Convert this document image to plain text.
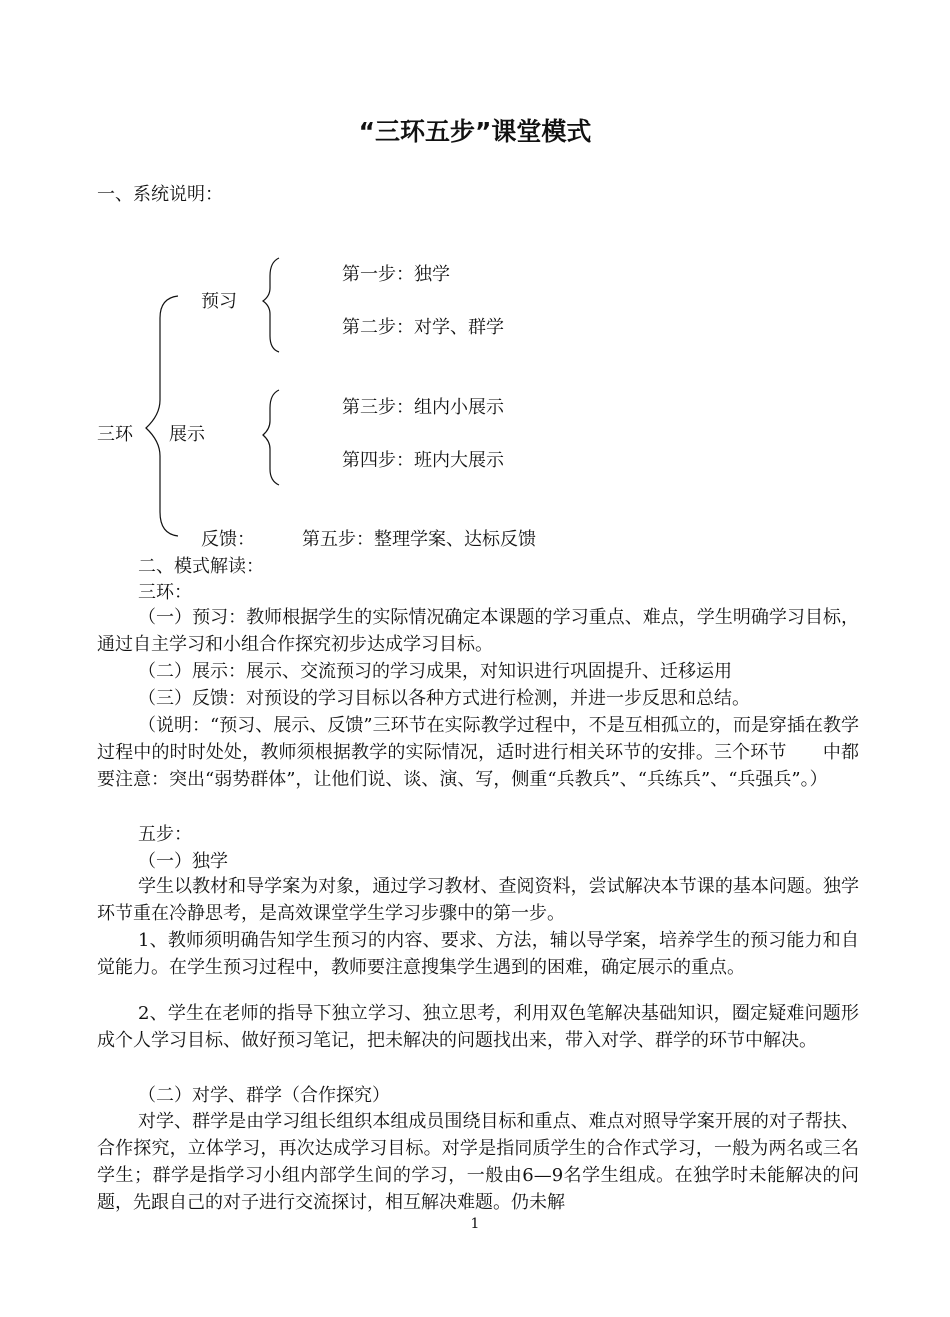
“三环五步”课堂模式
一、系统说明：
预习
三环 展示
反馈：
第一步：独学
第二步：对学、群学
第三步：组内小展示
第四步：班内大展示
第五步：整理学案、达标反馈
二、模式解读：
三环：
（一）预习：教师根据学生的实际情况确定本课题的学习重点、难点，学生明确学习目标，通过自主学习和小组合作探究初步达成学习目标。
（二）展示：展示、交流预习的学习成果，对知识进行巩固提升、迁移运用
（三）反馈：对预设的学习目标以各种方式进行检测，并进一步反思和总结。
（说明：“预习、展示、反馈”三环节在实际教学过程中，不是互相孤立的，而是穿插在教学过程中的时时处处，教师须根据教学的实际情况，适时进行相关环节的安排。三个环节　　中都要注意：突出“弱势群体”，让他们说、谈、演、写，侧重“兵教兵”、“兵练兵”、“兵强兵”。）
五步：
（一）独学
学生以教材和导学案为对象，通过学习教材、查阅资料，尝试解决本节课的基本问题。独学环节重在冷静思考，是高效课堂学生学习步骤中的第一步。
1、教师须明确告知学生预习的内容、要求、方法，辅以导学案，培养学生的预习能力和自觉能力。在学生预习过程中，教师要注意搜集学生遇到的困难，确定展示的重点。
2、学生在老师的指导下独立学习、独立思考，利用双色笔解决基础知识，圈定疑难问题形成个人学习目标、做好预习笔记，把未解决的问题找出来，带入对学、群学的环节中解决。
（二）对学、群学（合作探究）
对学、群学是由学习组长组织本组成员围绕目标和重点、难点对照导学案开展的对子帮扶、合作探究，立体学习，再次达成学习目标。对学是指同质学生的合作式学习，一般为两名或三名学生；群学是指学习小组内部学生间的学习，一般由6—9名学生组成。在独学时未能解决的问题，先跟自己的对子进行交流探讨，相互解决难题。仍未解
1
